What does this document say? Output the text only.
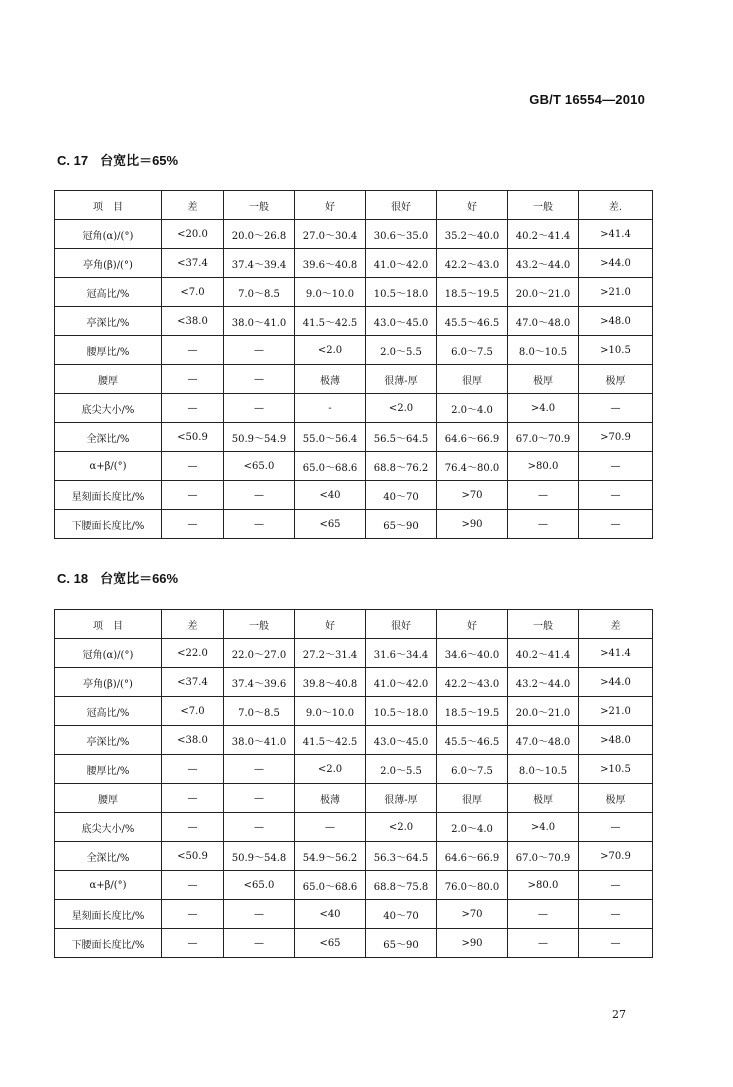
GB/T 16554—2010
C. 17 台宽比＝65%
项　目	差	一般	好	很好	好	一般	差.
冠角(α)/(°)	<20.0	20.0～26.8	27.0～30.4	30.6～35.0	35.2～40.0	40.2～41.4	>41.4
亭角(β)/(°)	<37.4	37.4～39.4	39.6～40.8	41.0～42.0	42.2～43.0	43.2～44.0	>44.0
冠高比/%	<7.0	7.0～8.5	9.0～10.0	10.5～18.0	18.5～19.5	20.0～21.0	>21.0
亭深比/%	<38.0	38.0～41.0	41.5～42.5	43.0～45.0	45.5～46.5	47.0～48.0	>48.0
腰厚比/%	—	—	<2.0	2.0～5.5	6.0～7.5	8.0～10.5	>10.5
腰厚	—	—	极薄	很薄-厚	很厚	极厚	极厚
底尖大小/%	—	—	-	<2.0	2.0～4.0	>4.0	—
全深比/%	<50.9	50.9～54.9	55.0～56.4	56.5～64.5	64.6～66.9	67.0～70.9	>70.9
α+β/(°)	—	<65.0	65.0～68.6	68.8～76.2	76.4～80.0	>80.0	—
星刻面长度比/%	—	—	<40	40～70	>70	—	—
下腰面长度比/%	—	—	<65	65～90	>90	—	—
C. 18 台宽比＝66%
项　目	差	一般	好	很好	好	一般	差
冠角(α)/(°)	<22.0	22.0～27.0	27.2～31.4	31.6～34.4	34.6～40.0	40.2～41.4	>41.4
亭角(β)/(°)	<37.4	37.4～39.6	39.8～40.8	41.0～42.0	42.2～43.0	43.2～44.0	>44.0
冠高比/%	<7.0	7.0～8.5	9.0～10.0	10.5～18.0	18.5～19.5	20.0～21.0	>21.0
亭深比/%	<38.0	38.0～41.0	41.5～42.5	43.0～45.0	45.5～46.5	47.0～48.0	>48.0
腰厚比/%	—	—	<2.0	2.0～5.5	6.0～7.5	8.0～10.5	>10.5
腰厚	—	—	极薄	很薄-厚	很厚	极厚	极厚
底尖大小/%	—	—	—	<2.0	2.0～4.0	>4.0	—
全深比/%	<50.9	50.9～54.8	54.9～56.2	56.3～64.5	64.6～66.9	67.0～70.9	>70.9
α+β/(°)	—	<65.0	65.0～68.6	68.8～75.8	76.0～80.0	>80.0	—
星刻面长度比/%	—	—	<40	40～70	>70	—	—
下腰面长度比/%	—	—	<65	65～90	>90	—	—
27
